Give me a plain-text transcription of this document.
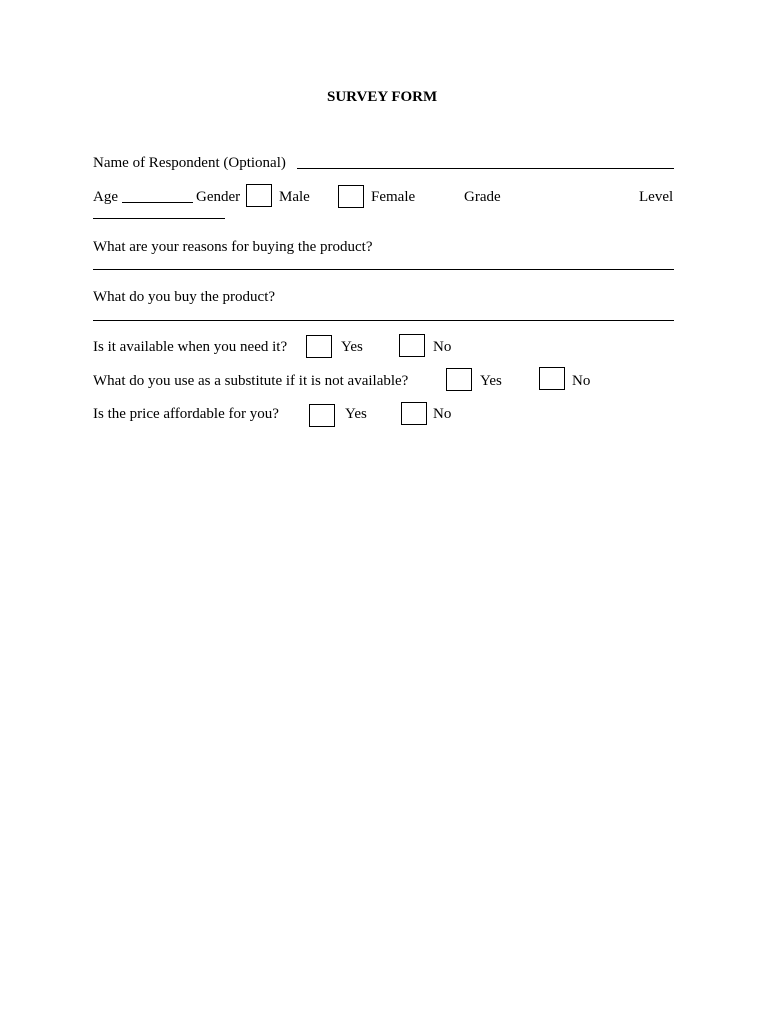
SURVEY FORM
Name of Respondent (Optional)
Age	Gender	Male	Female	Grade	Level
What are your reasons for buying the product?
What do you buy the product?
Is it available when you need it?	Yes	No
What do you use as a substitute if it is not available?	Yes	No
Is the price affordable for you?	Yes	No
